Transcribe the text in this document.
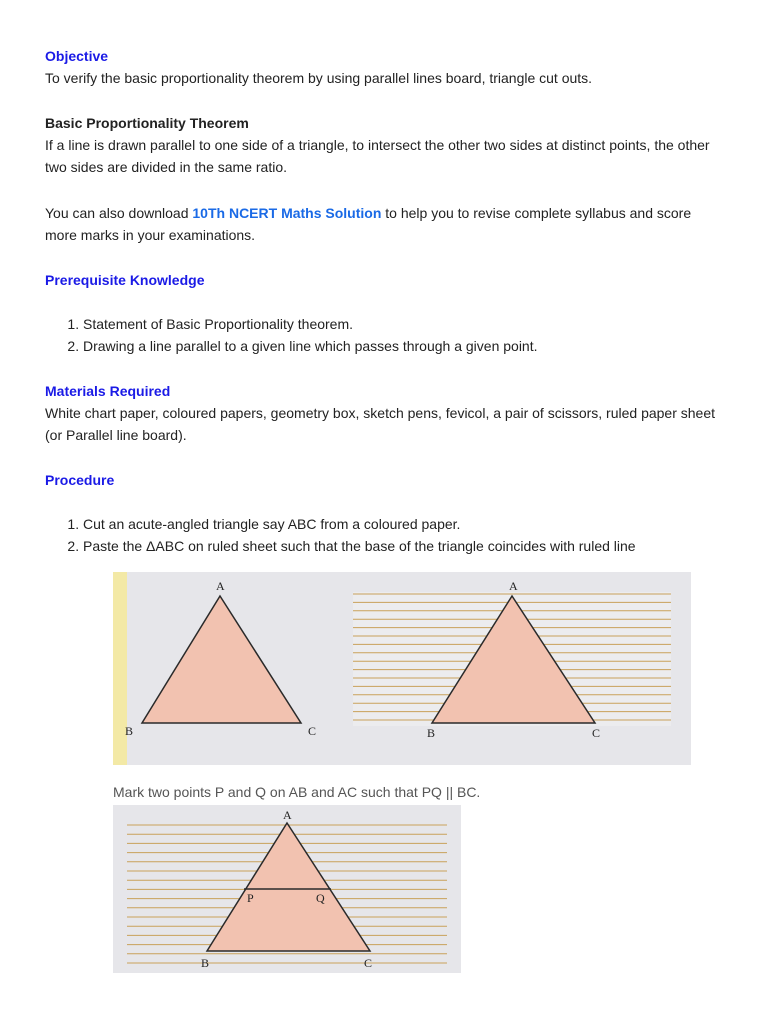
Objective

To verify the basic proportionality theorem by using parallel lines board, triangle cut outs.

Basic Proportionality Theorem

If a line is drawn parallel to one side of a triangle, to intersect the other two sides at distinct points, the other two sides are divided in the same ratio.

You can also download 10Th NCERT Maths Solution to help you to revise complete syllabus and score more marks in your examinations.

Prerequisite Knowledge
1. Statement of Basic Proportionality theorem.
2. Drawing a line parallel to a given line which passes through a given point.
Materials Required

White chart paper, coloured papers, geometry box, sketch pens, fevicol, a pair of scissors, ruled paper sheet (or Parallel line board).

Procedure
1. Cut an acute-angled triangle say ABC from a coloured paper.
2. Paste the ΔABC on ruled sheet such that the base of the triangle coincides with ruled line
A
B	C
A
B	C
Mark two points P and Q on AB and AC such that PQ || BC.
A
P	Q
B	C
